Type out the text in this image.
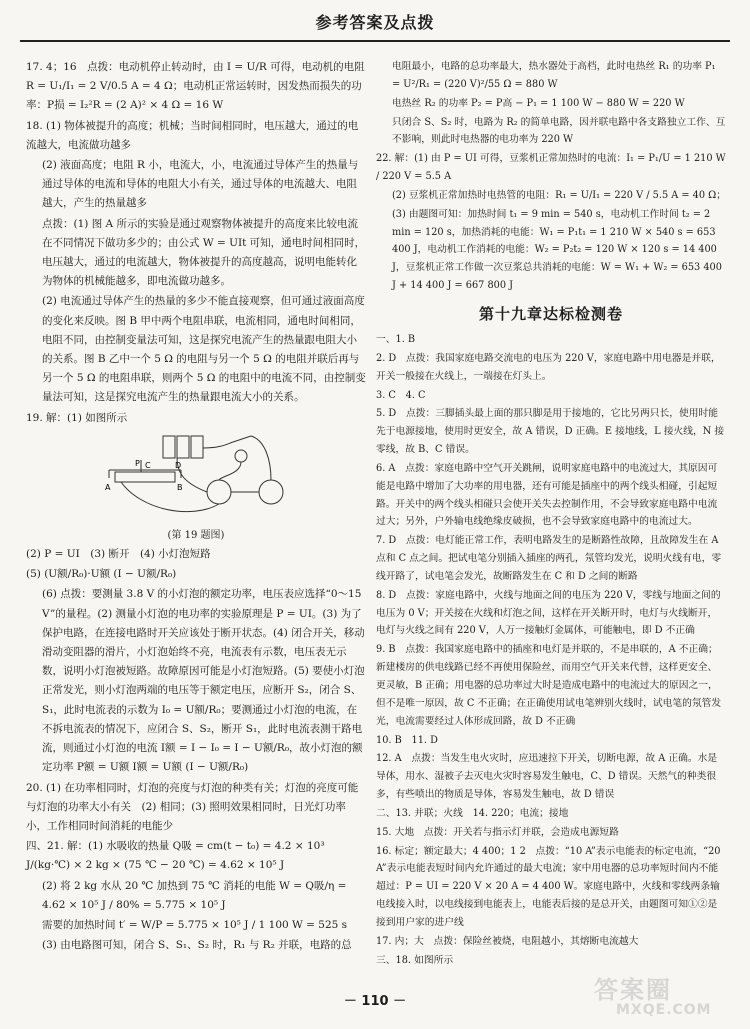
参考答案及点拨

17. 4；16　点拨：电动机停止转动时，由 I = U/R 可得，电动机的电阻 R = U₁/I₁ = 2 V/0.5 A = 4 Ω；电动机正常运转时，因发热而损失的功率：P损 = I₂²R = (2 A)² × 4 Ω = 16 W

18. (1) 物体被提升的高度；机械；当时间相同时，电压越大，通过的电流越大，电流做功越多

(2) 液面高度；电阻 R 小，电流大，小，电流通过导体产生的热量与通过导体的电流和导体的电阻大小有关，通过导体的电流越大、电阻越大，产生的热量越多

点拨：(1) 图 A 所示的实验是通过观察物体被提升的高度来比较电流在不同情况下做功多少的；由公式 W = UIt 可知，通电时间相同时，电压越大，通过的电流越大，物体被提升的高度越高，说明电能转化为物体的机械能越多，即电流做功越多。

(2) 电流通过导体产生的热量的多少不能直接观察，但可通过液面高度的变化来反映。图 B 甲中两个电阻串联，电流相同，通电时间相同，电阻不同，由控制变量法可知，这是探究电流产生的热量跟电阻大小的关系。图 B 乙中一个 5 Ω 的电阻与另一个 5 Ω 的电阻并联后再与另一个 5 Ω 的电阻串联，则两个 5 Ω 的电阻中的电流不同，由控制变量法可知，这是探究电流产生的热量跟电流大小的关系。

19. 解：(1) 如图所示

P C	D
A	B
(第 19 题图)

(2) P = UI　(3) 断开　(4) 小灯泡短路

(5) (U额/R₀)·U额 (I − U额/R₀)

(6) 点拨：要测量 3.8 V 的小灯泡的额定功率，电压表应选择“0～15 V”的量程。(2) 测量小灯泡的电功率的实验原理是 P = UI。(3) 为了保护电路，在连接电路时开关应该处于断开状态。(4) 闭合开关，移动滑动变阻器的滑片，小灯泡始终不亮，电流表有示数，电压表无示数，说明小灯泡被短路。故障原因可能是小灯泡短路。(5) 要使小灯泡正常发光，则小灯泡两端的电压等于额定电压，应断开 S₂，闭合 S、S₁，此时电流表的示数为 I₀ = U额/R₀；要测通过小灯泡的电流，在不拆电流表的情况下，应闭合 S、S₂，断开 S₁，此时电流表测干路电流，则通过小灯泡的电流 I额 = I − I₀ = I − U额/R₀，故小灯泡的额定功率 P额 = U额 I额 = U额 (I − U额/R₀)

20. (1) 在功率相同时，灯泡的亮度与灯泡的种类有关；灯泡的亮度可能与灯泡的功率大小有关　(2) 相同；(3) 照明效果相同时，日光灯功率小，工作相同时间消耗的电能少

四、21. 解：(1) 水吸收的热量 Q吸 = cm(t − t₀) = 4.2 × 10³ J/(kg·℃) × 2 kg × (75 ℃ − 20 ℃) = 4.62 × 10⁵ J

(2) 将 2 kg 水从 20 ℃ 加热到 75 ℃ 消耗的电能 W = Q吸/η = 4.62 × 10⁵ J / 80% = 5.775 × 10⁵ J

需要的加热时间 t′ = W/P = 5.775 × 10⁵ J / 1 100 W = 525 s

(3) 由电路图可知，闭合 S、S₁、S₂ 时，R₁ 与 R₂ 并联，电路的总

电阻最小，电路的总功率最大，热水器处于高档，此时电热丝 R₁ 的功率 P₁ = U²/R₁ = (220 V)²/55 Ω = 880 W

电热丝 R₂ 的功率 P₂ = P高 − P₁ = 1 100 W − 880 W = 220 W

只闭合 S、S₂ 时，电路为 R₂ 的简单电路，因并联电路中各支路独立工作、互不影响，则此时电热器的电功率为 220 W

22. 解：(1) 由 P = UI 可得，豆浆机正常加热时的电流：I₁ = P₁/U = 1 210 W / 220 V = 5.5 A

(2) 豆浆机正常加热时电热管的电阻：R₁ = U/I₁ = 220 V / 5.5 A = 40 Ω；

(3) 由题图可知：加热时间 t₁ = 9 min = 540 s，电动机工作时间 t₂ = 2 min = 120 s，加热消耗的电能：W₁ = P₁t₁ = 1 210 W × 540 s = 653 400 J，电动机工作消耗的电能：W₂ = P₂t₂ = 120 W × 120 s = 14 400 J，豆浆机正常工作做一次豆浆总共消耗的电能：W = W₁ + W₂ = 653 400 J + 14 400 J = 667 800 J

第十九章达标检测卷

一、1. B

2. D　点拨：我国家庭电路交流电的电压为 220 V，家庭电路中用电器是并联，开关一般接在火线上，一端接在灯头上。

3. C　4. C

5. D　点拨：三脚插头最上面的那只脚是用于接地的，它比另两只长，使用时能先于电源接地，使用时更安全，故 A 错误，D 正确。E 接地线，L 接火线，N 接零线，故 B、C 错误。

6. A　点拨：家庭电路中空气开关跳闸，说明家庭电路中的电流过大，其原因可能是电路中增加了大功率的用电器，还有可能是插座中的两个线头相碰，引起短路。开关中的两个线头相碰只会使开关失去控制作用，不会导致家庭电路中电流过大；另外，户外输电线绝缘皮破损，也不会导致家庭电路中的电流过大。

7. D　点拨：电灯能正常工作，表明电路发生的是断路性故障，且故障发生在 A 点和 C 点之间。把试电笔分别插入插座的两孔，氖管均发光，说明火线有电，零线开路了，试电笔会发光，故断路发生在 C 和 D 之间的断路

8. D　点拨：家庭电路中，火线与地面之间的电压为 220 V，零线与地面之间的电压为 0 V；开关接在火线和灯泡之间，这样在开关断开时，电灯与火线断开，电灯与火线之间有 220 V，人万一接触灯金属体，可能触电，即 D 不正确

9. B　点拨：我国家庭电路中的插座和电灯是并联的，不是串联的，A 不正确；新建楼房的供电线路已经不再使用保险丝，而用空气开关来代替，这样更安全、更灵敏，B 正确；用电器的总功率过大时是造成电路中的电流过大的原因之一，但不是唯一原因，故 C 不正确；在正确使用试电笔辨别火线时，试电笔的氖管发光，电流需要经过人体形成回路，故 D 不正确

10. B　11. D

12. A　点拨：当发生电火灾时，应迅速拉下开关，切断电源，故 A 正确。水是导体，用水、湿被子去灭电火灾时容易发生触电，C、D 错误。天然气的种类很多，有些喷出的物质是导体，容易发生触电，故 D 错误

二、13. 并联；火线　14. 220；电流；接地

15. 大地　点拨：开关若与指示灯并联，会造成电源短路

16. 标定；额定最大；4 400；1 2　点拨：“10 A”表示电能表的标定电流，“20 A”表示电能表短时间内允许通过的最大电流；家中用电器的总功率短时间内不能超过：P = UI = 220 V × 20 A = 4 400 W。家庭电路中，火线和零线两条输电线接入时，以电线接到电能表上，电能表后接的是总开关，由题图可知①②是接到用户家的进户线

17. 内；大　点拨：保险丝被烧，电阻越小，其熔断电流越大

三、18. 如图所示

－ 110 －	答案圈
MXQE.COM
